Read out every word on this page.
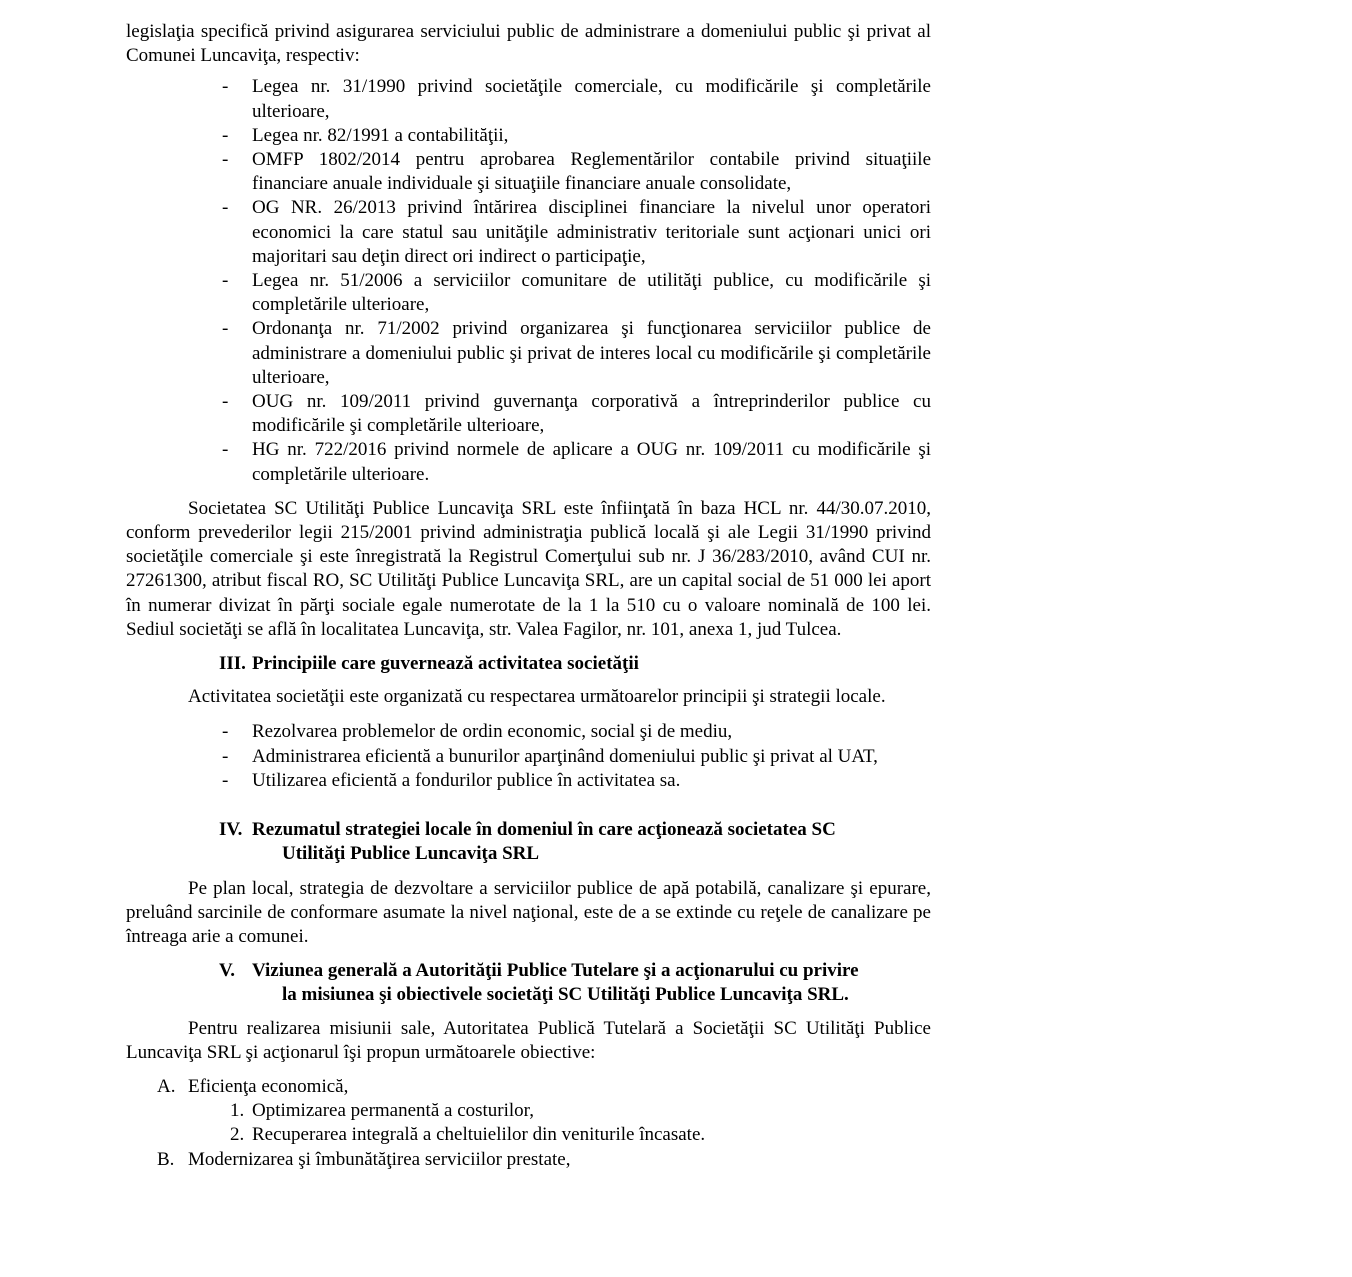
legislaţia specifică privind asigurarea serviciului public de administrare a domeniului public şi privat al Comunei Luncaviţa, respectiv:

- Legea nr. 31/1990 privind societăţile comerciale, cu modificările şi completările ulterioare,
- Legea nr. 82/1991 a contabilităţii,
- OMFP 1802/2014 pentru aprobarea Reglementărilor contabile privind situaţiile financiare anuale individuale şi situaţiile financiare anuale consolidate,
- OG NR. 26/2013 privind întărirea disciplinei financiare la nivelul unor operatori economici la care statul sau unităţile administrativ teritoriale sunt acţionari unici ori majoritari sau deţin direct ori indirect o participaţie,
- Legea nr. 51/2006 a serviciilor comunitare de utilităţi publice, cu modificările şi completările ulterioare,
- Ordonanţa nr. 71/2002 privind organizarea şi funcţionarea serviciilor publice de administrare a domeniului public şi privat de interes local cu modificările şi completările ulterioare,
- OUG nr. 109/2011 privind guvernanţa corporativă a întreprinderilor publice cu modificările şi completările ulterioare,
- HG nr. 722/2016 privind normele de aplicare a OUG nr. 109/2011 cu modificările şi completările ulterioare.

Societatea SC Utilităţi Publice Luncaviţa SRL este înfiinţată în baza HCL nr. 44/30.07.2010, conform prevederilor legii 215/2001 privind administraţia publică locală şi ale Legii 31/1990 privind societăţile comerciale şi este înregistrată la Registrul Comerţului sub nr. J 36/283/2010, având CUI nr. 27261300, atribut fiscal RO, SC Utilităţi Publice Luncaviţa SRL, are un capital social de 51 000 lei aport în numerar divizat în părţi sociale egale numerotate de la 1 la 510 cu o valoare nominală de 100 lei. Sediul societăţi se află în localitatea Luncaviţa, str. Valea Fagilor, nr. 101, anexa 1, jud Tulcea.

III. Principiile care guvernează activitatea societăţii

Activitatea societăţii este organizată cu respectarea următoarelor principii şi strategii locale.

- Rezolvarea problemelor de ordin economic, social şi de mediu,
- Administrarea eficientă a bunurilor aparţinând domeniului public şi privat al UAT,
- Utilizarea eficientă a fondurilor publice în activitatea sa.
IV. Rezumatul strategiei locale în domeniul în care acţionează societatea SC
Utilităţi Publice Luncaviţa SRL

Pe plan local, strategia de dezvoltare a serviciilor publice de apă potabilă, canalizare şi epurare, preluând sarcinile de conformare asumate la nivel naţional, este de a se extinde cu reţele de canalizare pe întreaga arie a comunei.

V. Viziunea generală a Autorităţii Publice Tutelare şi a acţionarului cu privire
la misiunea şi obiectivele societăţi SC Utilităţi Publice Luncaviţa SRL.

Pentru realizarea misiunii sale, Autoritatea Publică Tutelară a Societăţii SC Utilităţi Publice Luncaviţa SRL şi acţionarul îşi propun următoarele obiective:

A. Eficienţa economică,
1. Optimizarea permanentă a costurilor,
2. Recuperarea integrală a cheltuielilor din veniturile încasate.
B. Modernizarea şi îmbunătăţirea serviciilor prestate,
